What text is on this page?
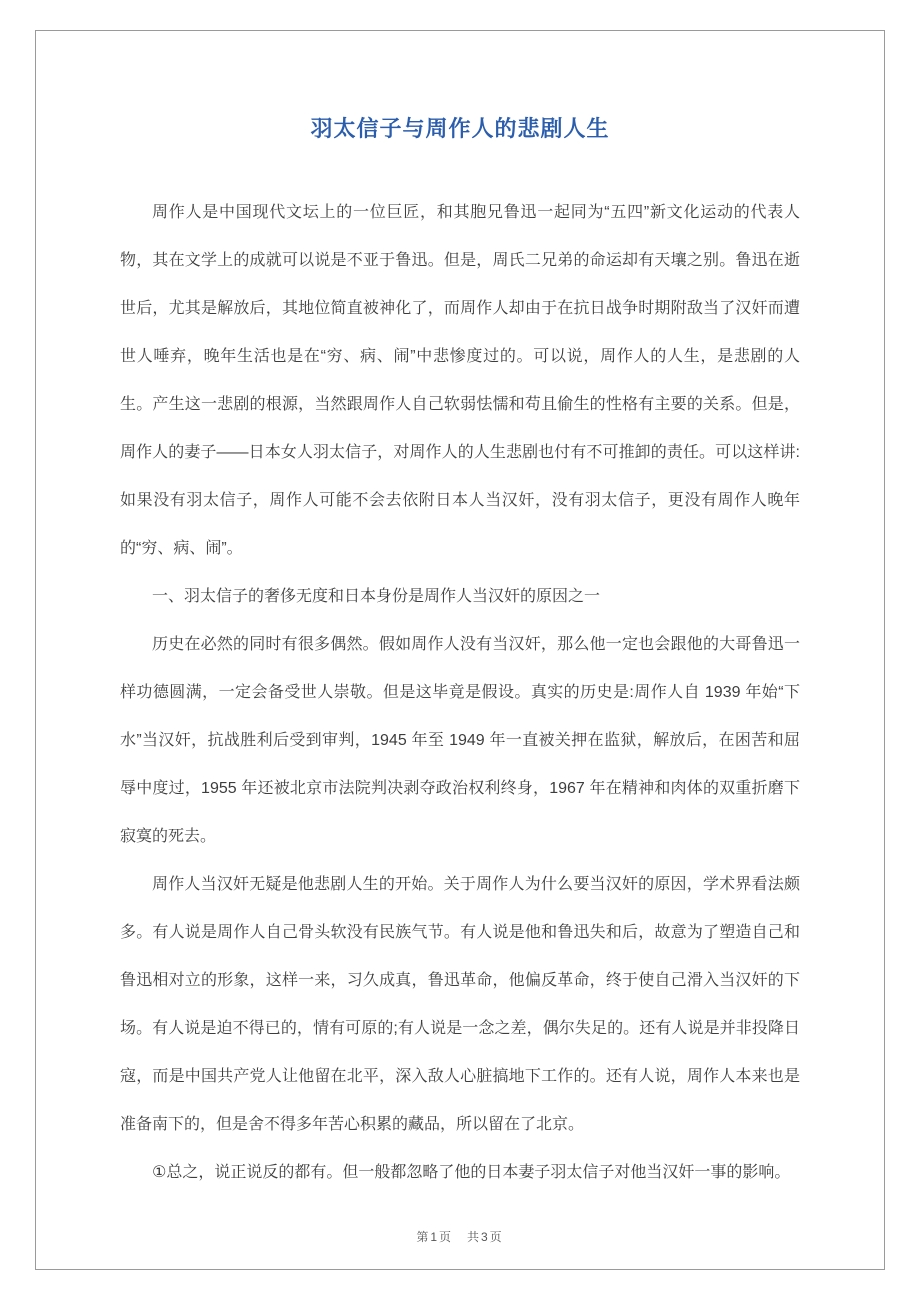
羽太信子与周作人的悲剧人生

周作人是中国现代文坛上的一位巨匠，和其胞兄鲁迅一起同为“五四”新文化运动的代表人物，其在文学上的成就可以说是不亚于鲁迅。但是，周氏二兄弟的命运却有天壤之别。鲁迅在逝世后，尤其是解放后，其地位简直被神化了，而周作人却由于在抗日战争时期附敌当了汉奸而遭世人唾弃，晚年生活也是在“穷、病、闹”中悲惨度过的。可以说，周作人的人生，是悲剧的人生。产生这一悲剧的根源，当然跟周作人自己软弱怯懦和苟且偷生的性格有主要的关系。但是，周作人的妻子——日本女人羽太信子，对周作人的人生悲剧也付有不可推卸的责任。可以这样讲:如果没有羽太信子，周作人可能不会去依附日本人当汉奸，没有羽太信子，更没有周作人晚年的“穷、病、闹”。

一、羽太信子的奢侈无度和日本身份是周作人当汉奸的原因之一

历史在必然的同时有很多偶然。假如周作人没有当汉奸，那么他一定也会跟他的大哥鲁迅一样功德圆满，一定会备受世人崇敬。但是这毕竟是假设。真实的历史是:周作人自 1939 年始“下水”当汉奸，抗战胜利后受到审判，1945 年至 1949 年一直被关押在监狱，解放后，在困苦和屈辱中度过，1955 年还被北京市法院判决剥夺政治权利终身，1967 年在精神和肉体的双重折磨下寂寞的死去。

周作人当汉奸无疑是他悲剧人生的开始。关于周作人为什么要当汉奸的原因，学术界看法颇多。有人说是周作人自己骨头软没有民族气节。有人说是他和鲁迅失和后，故意为了塑造自己和鲁迅相对立的形象，这样一来，习久成真，鲁迅革命，他偏反革命，终于使自己滑入当汉奸的下场。有人说是迫不得已的，情有可原的;有人说是一念之差，偶尔失足的。还有人说是并非投降日寇，而是中国共产党人让他留在北平，深入敌人心脏搞地下工作的。还有人说，周作人本来也是准备南下的，但是舍不得多年苦心积累的藏品，所以留在了北京。

①总之，说正说反的都有。但一般都忽略了他的日本妻子羽太信子对他当汉奸一事的影响。

第1页　共3页
